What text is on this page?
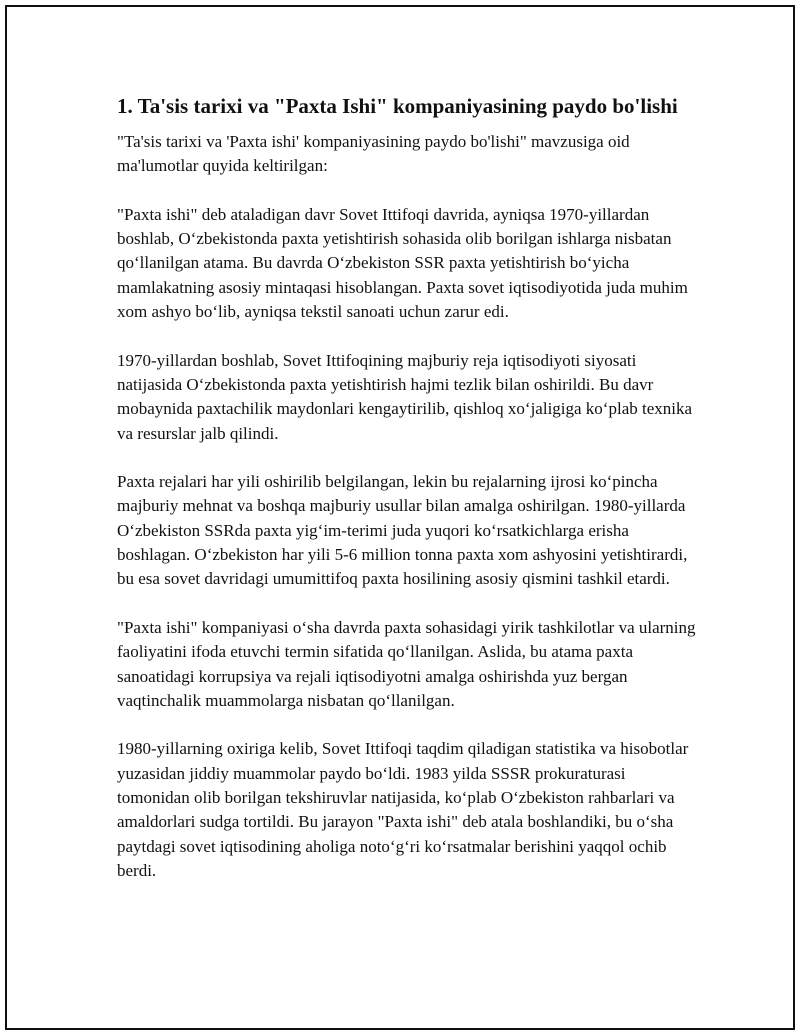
1. Ta'sis tarixi va "Paxta Ishi" kompaniyasining paydo bo'lishi

"Ta'sis tarixi va 'Paxta ishi' kompaniyasining paydo bo'lishi" mavzusiga oid ma'lumotlar quyida keltirilgan:

"Paxta ishi" deb ataladigan davr Sovet Ittifoqi davrida, ayniqsa 1970-yillardan boshlab, O‘zbekistonda paxta yetishtirish sohasida olib borilgan ishlarga nisbatan qo‘llanilgan atama. Bu davrda O‘zbekiston SSR paxta yetishtirish bo‘yicha mamlakatning asosiy mintaqasi hisoblangan. Paxta sovet iqtisodiyotida juda muhim xom ashyo bo‘lib, ayniqsa tekstil sanoati uchun zarur edi.

1970-yillardan boshlab, Sovet Ittifoqining majburiy reja iqtisodiyoti siyosati natijasida O‘zbekistonda paxta yetishtirish hajmi tezlik bilan oshirildi. Bu davr mobaynida paxtachilik maydonlari kengaytirilib, qishloq xo‘jaligiga ko‘plab texnika va resurslar jalb qilindi.

Paxta rejalari har yili oshirilib belgilangan, lekin bu rejalarning ijrosi ko‘pincha majburiy mehnat va boshqa majburiy usullar bilan amalga oshirilgan. 1980-yillarda O‘zbekiston SSRda paxta yig‘im-terimi juda yuqori ko‘rsatkichlarga erisha boshlagan. O‘zbekiston har yili 5-6 million tonna paxta xom ashyosini yetishtirardi, bu esa sovet davridagi umumittifoq paxta hosilining asosiy qismini tashkil etardi.

"Paxta ishi" kompaniyasi o‘sha davrda paxta sohasidagi yirik tashkilotlar va ularning faoliyatini ifoda etuvchi termin sifatida qo‘llanilgan. Aslida, bu atama paxta sanoatidagi korrupsiya va rejali iqtisodiyotni amalga oshirishda yuz bergan vaqtinchalik muammolarga nisbatan qo‘llanilgan.

1980-yillarning oxiriga kelib, Sovet Ittifoqi taqdim qiladigan statistika va hisobotlar yuzasidan jiddiy muammolar paydo bo‘ldi. 1983 yilda SSSR prokuraturasi tomonidan olib borilgan tekshiruvlar natijasida, ko‘plab O‘zbekiston rahbarlari va amaldorlari sudga tortildi. Bu jarayon "Paxta ishi" deb atala boshlandiki, bu o‘sha paytdagi sovet iqtisodining aholiga noto‘g‘ri ko‘rsatmalar berishini yaqqol ochib berdi.
